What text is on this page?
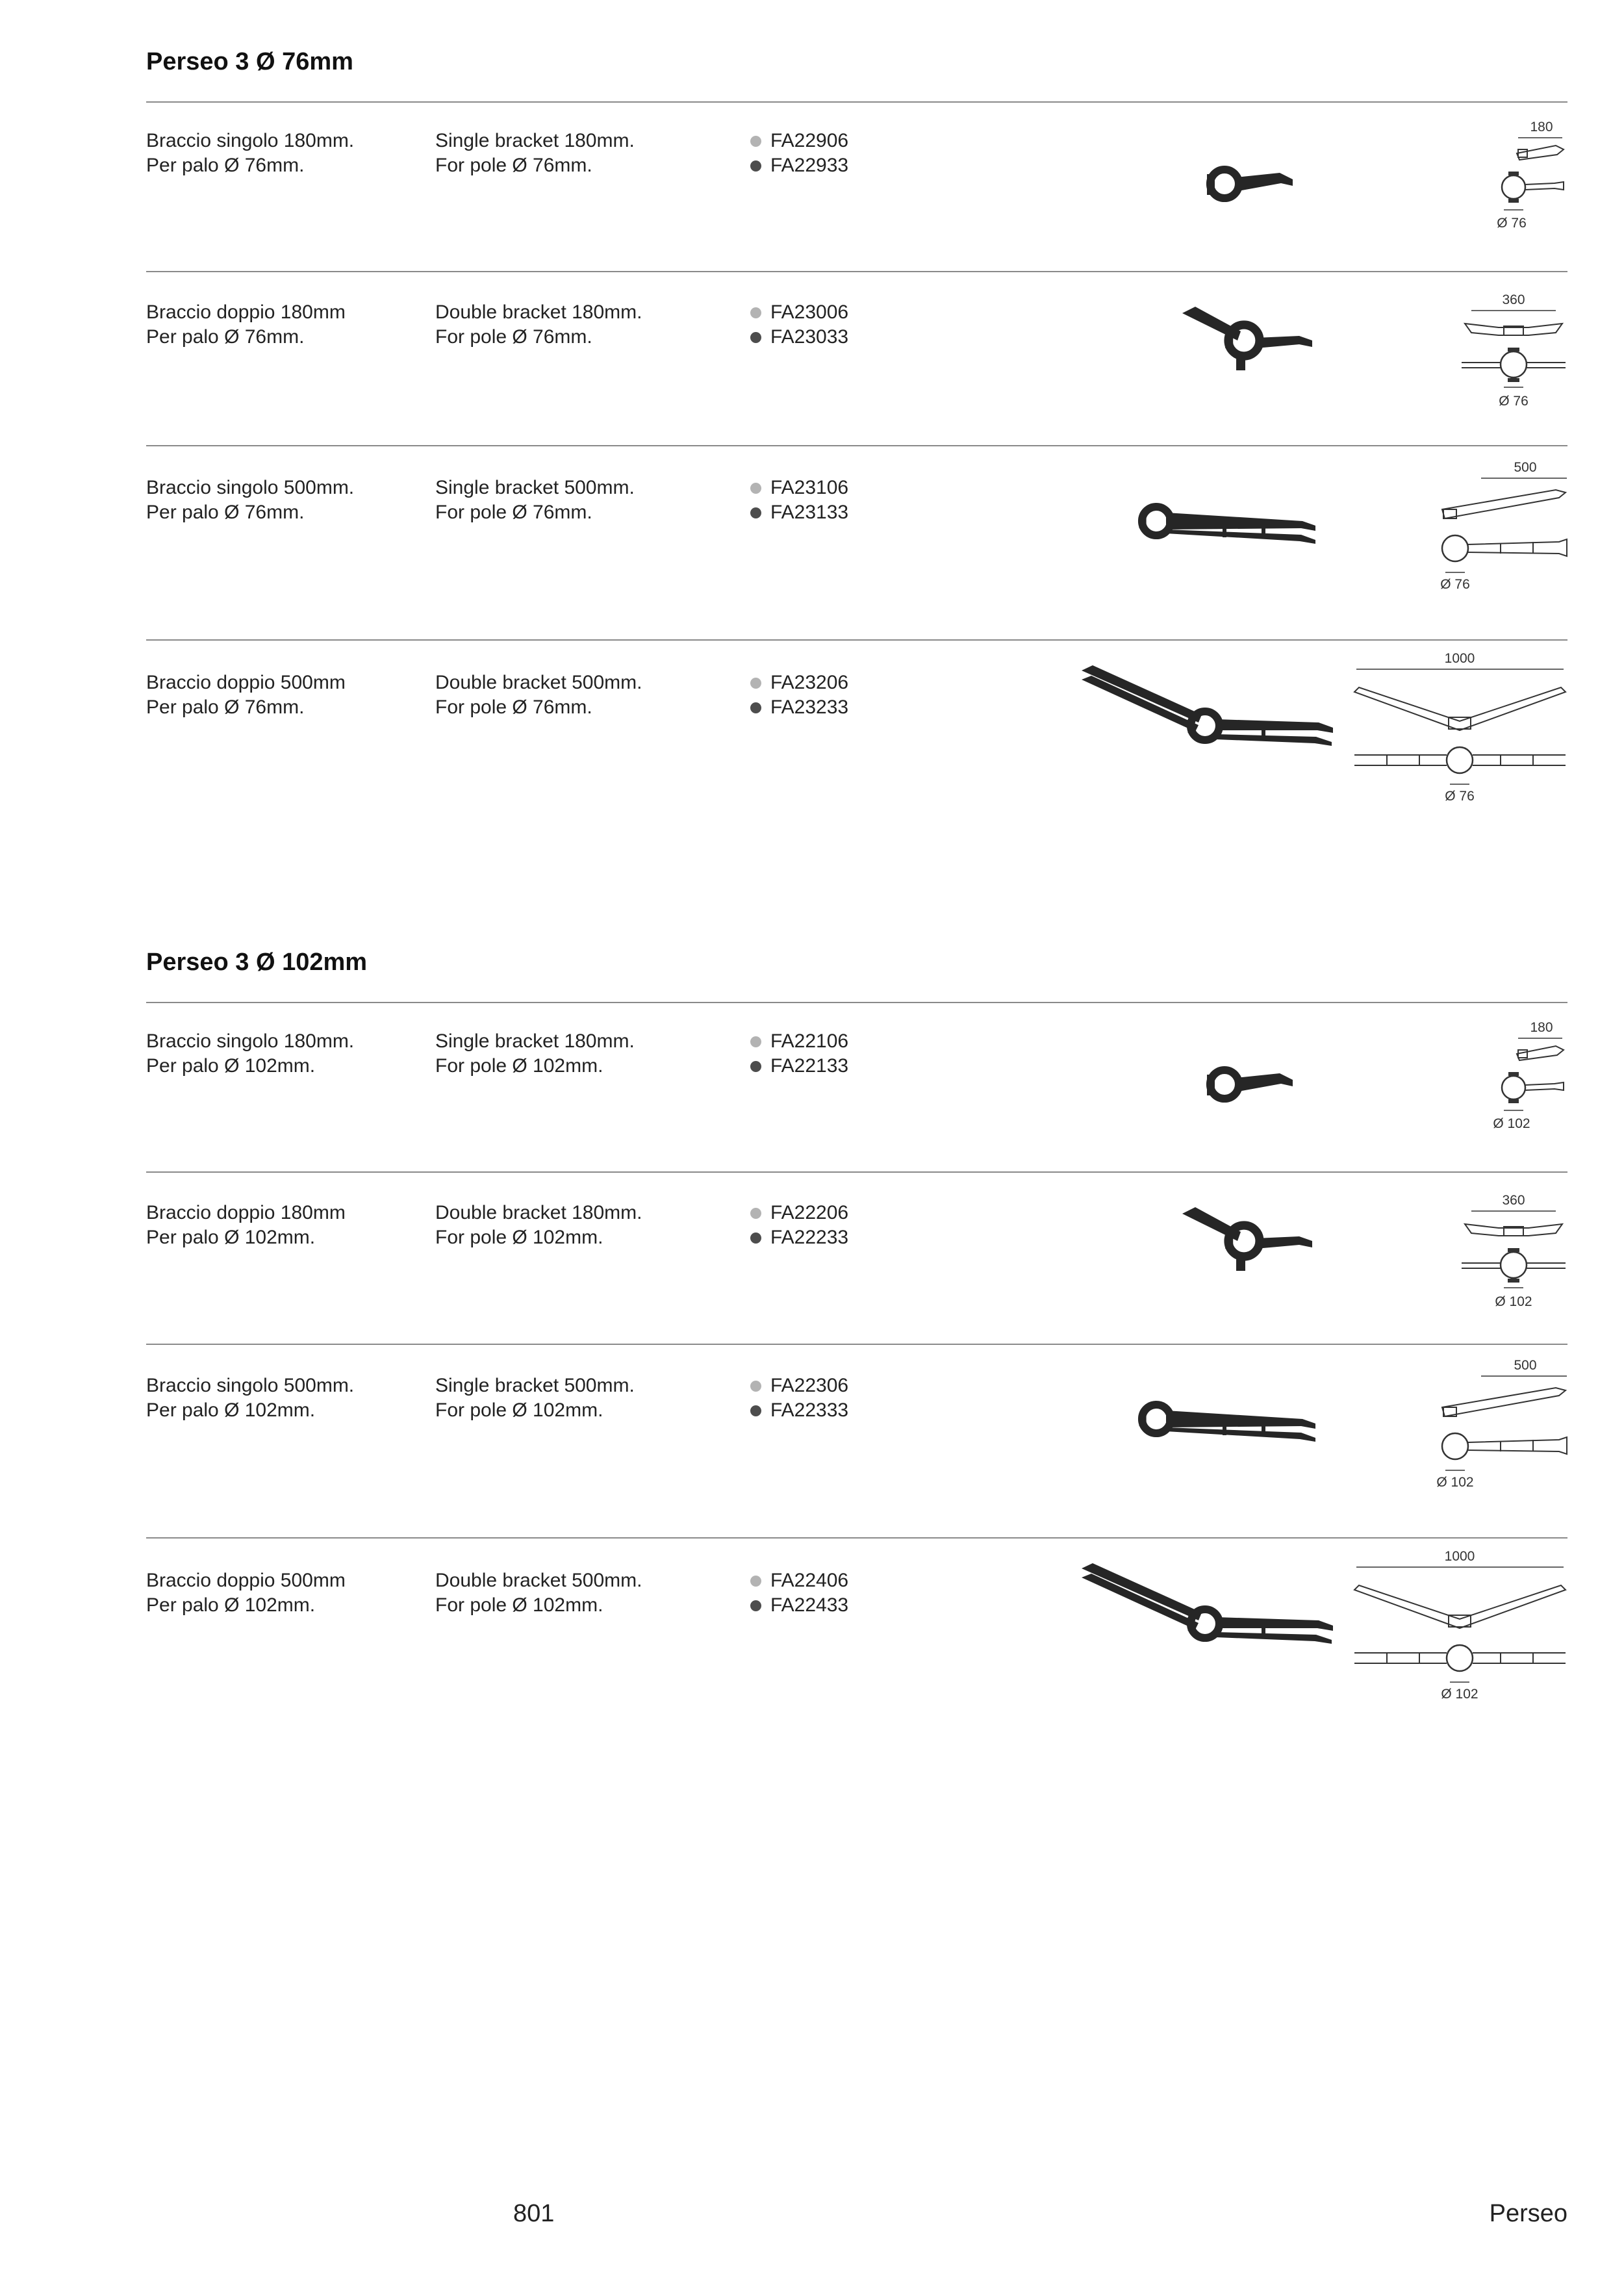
Perseo 3 Ø 76mm
Braccio singolo 180mm.
Per palo Ø 76mm.
Single bracket 180mm.
For pole Ø 76mm.
FA22906
FA22933
180
Ø 76
Braccio doppio 180mm
Per palo Ø 76mm.
Double bracket 180mm.
For pole Ø 76mm.
FA23006
FA23033
360
Ø 76
Braccio singolo 500mm.
Per palo Ø 76mm.
Single bracket 500mm.
For pole Ø 76mm.
FA23106
FA23133
500
Ø 76
Braccio doppio 500mm
Per palo Ø 76mm.
Double bracket 500mm.
For pole Ø 76mm.
FA23206
FA23233
1000
Ø 76
Perseo 3 Ø 102mm
Braccio singolo 180mm.
Per palo Ø 102mm.
Single bracket 180mm.
For pole Ø 102mm.
FA22106
FA22133
180
Ø 102
Braccio doppio 180mm
Per palo Ø 102mm.
Double bracket 180mm.
For pole Ø 102mm.
FA22206
FA22233
360
Ø 102
Braccio singolo 500mm.
Per palo Ø 102mm.
Single bracket 500mm.
For pole Ø 102mm.
FA22306
FA22333
500
Ø 102
Braccio doppio 500mm
Per palo Ø 102mm.
Double bracket 500mm.
For pole Ø 102mm.
FA22406
FA22433
1000
Ø 102
801	Perseo
